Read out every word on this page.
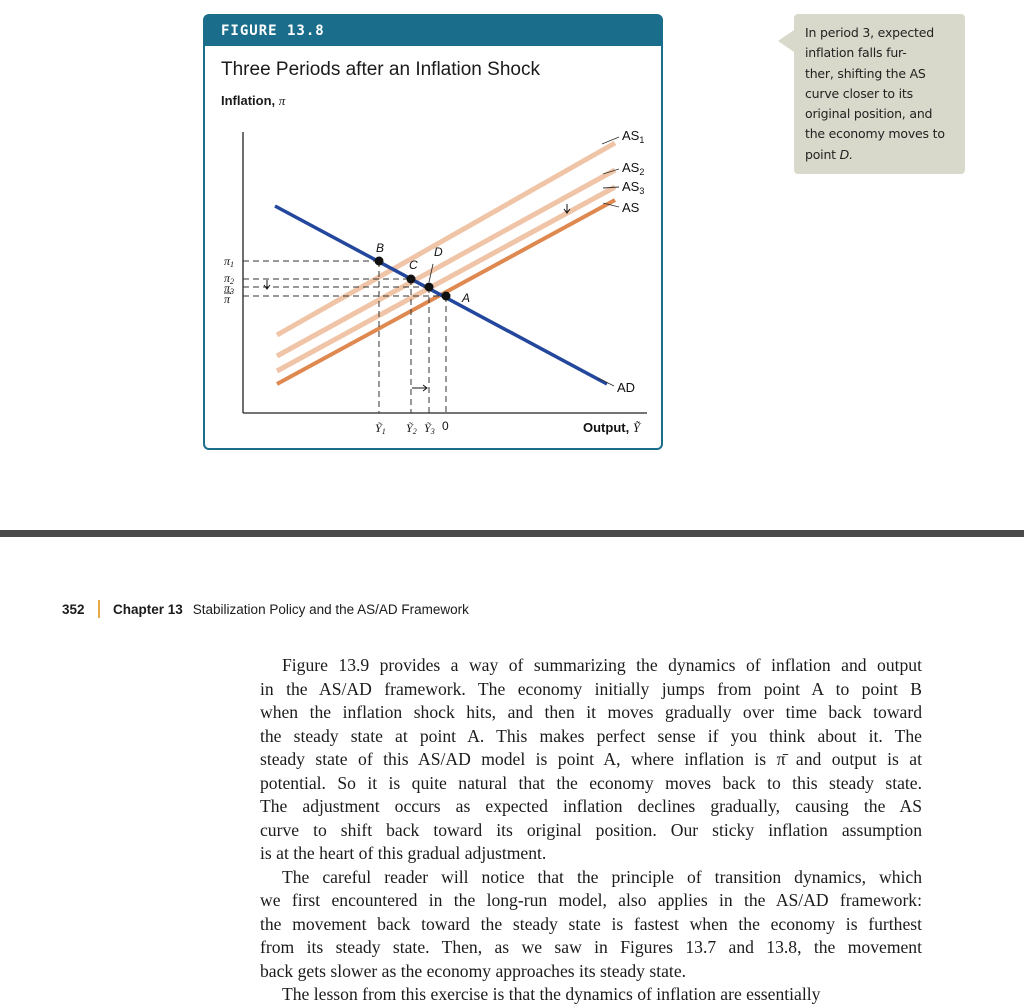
FIGURE 13.8
Three Periods after an Inflation Shock
Inflation, π
B
C
D
A
$AS_1$
$AS_2$
$AS_3$
AS
AD
π1
π2
π3
π
Ỹ1 Ỹ2 Ỹ3 0	Output, Ỹ
In period 3, expected
inflation falls fur-
ther, shifting the AS
curve closer to its
original position, and
the economy moves to
point D.
352 Chapter 13 Stabilization Policy and the AS/AD Framework
Figure 13.9 provides a way of summarizing the dynamics of inflation and output
in the AS/AD framework. The economy initially jumps from point A to point B
when the inflation shock hits, and then it moves gradually over time back toward
the steady state at point A. This makes perfect sense if you think about it. The
steady state of this AS/AD model is point A, where inflation is π̄ and output is at
potential. So it is quite natural that the economy moves back to this steady state.
The adjustment occurs as expected inflation declines gradually, causing the AS
curve to shift back toward its original position. Our sticky inflation assumption
is at the heart of this gradual adjustment.
The careful reader will notice that the principle of transition dynamics, which
we first encountered in the long-run model, also applies in the AS/AD framework:
the movement back toward the steady state is fastest when the economy is furthest
from its steady state. Then, as we saw in Figures 13.7 and 13.8, the movement
back gets slower as the economy approaches its steady state.
The lesson from this exercise is that the dynamics of inflation are essentially
